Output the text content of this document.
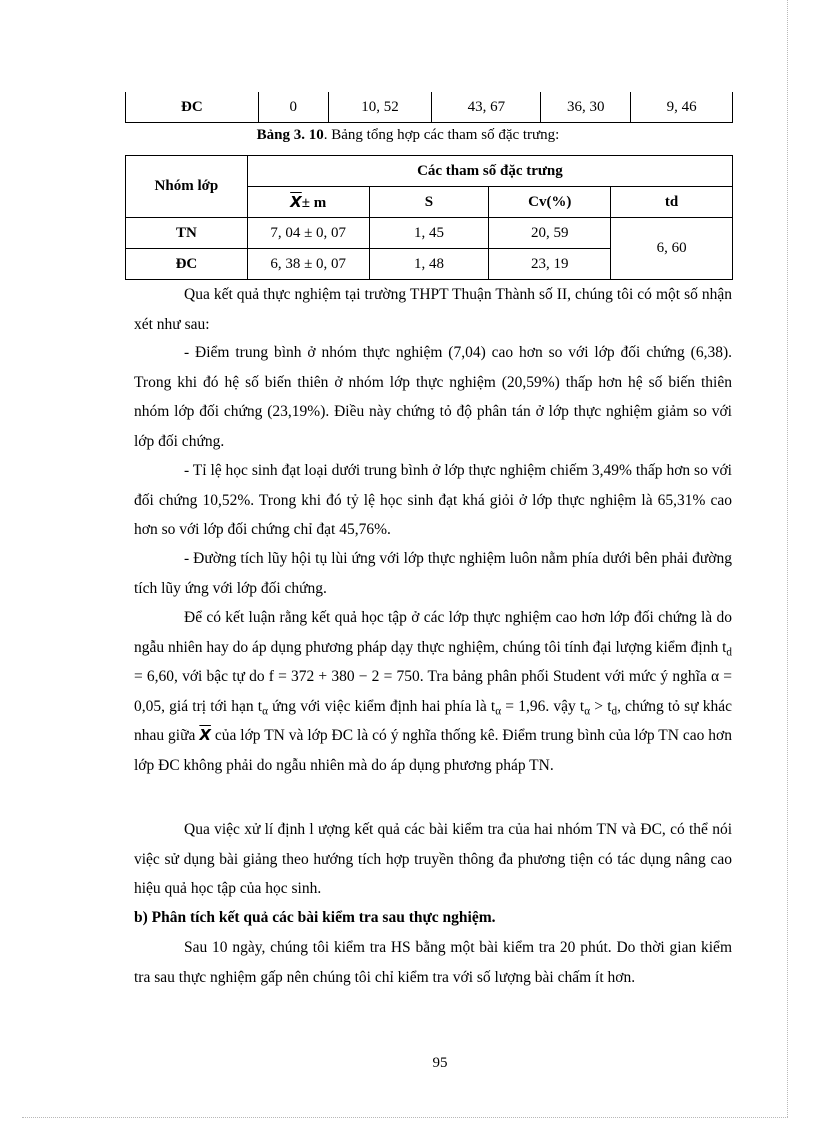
ĐC	0	10, 52	43, 67	36, 30	9, 46
Bảng 3. 10. Bảng tổng hợp các tham số đặc trưng:
Nhóm lớp	Các tham số đặc trưng			
	$\overline{X}\pm m$	S	Cv(%)	td
TN	7, 04 ± 0, 07	1, 45	20, 59	6, 60
ĐC	6, 38 ± 0, 07	1, 48	23, 19	
Qua kết quả thực nghiệm tại trường THPT Thuận Thành số II, chúng tôi có một số nhận xét như sau:
- Điểm trung bình ở nhóm thực nghiệm (7,04) cao hơn so với lớp đối chứng (6,38). Trong khi đó hệ số biến thiên ở nhóm lớp thực nghiệm (20,59%) thấp hơn hệ số biến thiên nhóm lớp đối chứng (23,19%). Điều này chứng tỏ độ phân tán ở lớp thực nghiệm giảm so với lớp đối chứng.
- Tỉ lệ học sinh đạt loại dưới trung bình ở lớp thực nghiệm chiếm 3,49% thấp hơn so với đối chứng 10,52%. Trong khi đó tỷ lệ học sinh đạt khá giỏi ở lớp thực nghiệm là 65,31% cao hơn so với lớp đối chứng chỉ đạt 45,76%.
- Đường tích lũy hội tụ lùi ứng với lớp thực nghiệm luôn nằm phía dưới bên phải đường tích lũy ứng với lớp đối chứng.
Để có kết luận rằng kết quả học tập ở các lớp thực nghiệm cao hơn lớp đối chứng là do ngẫu nhiên hay do áp dụng phương pháp dạy thực nghiệm, chúng tôi tính đại lượng kiểm định $t_d = 6,60$, với bậc tự do f = 372 + 380 − 2 = 750. Tra bảng phân phối Student với mức ý nghĩa α = 0,05, giá trị tới hạn $t_\alpha$ ứng với việc kiểm định hai phía là $t_\alpha = 1,96$. vậy $t_\alpha > t_d$, chứng tỏ sự khác nhau giữa $\overline{X}$ của lớp TN và lớp ĐC là có ý nghĩa thống kê. Điểm trung bình của lớp TN cao hơn lớp ĐC không phải do ngẫu nhiên mà do áp dụng phương pháp TN.
Qua việc xử lí định l ượng kết quả các bài kiểm tra của hai nhóm TN và ĐC, có thể nói việc sử dụng bài giảng theo hướng tích hợp truyền thông đa phương tiện có tác dụng nâng cao hiệu quả học tập của học sinh.
b) Phân tích kết quả các bài kiểm tra sau thực nghiệm.
Sau 10 ngày, chúng tôi kiểm tra HS bằng một bài kiểm tra 20 phút. Do thời gian kiểm tra sau thực nghiệm gấp nên chúng tôi chỉ kiểm tra với số lượng bài chấm ít hơn.
95
